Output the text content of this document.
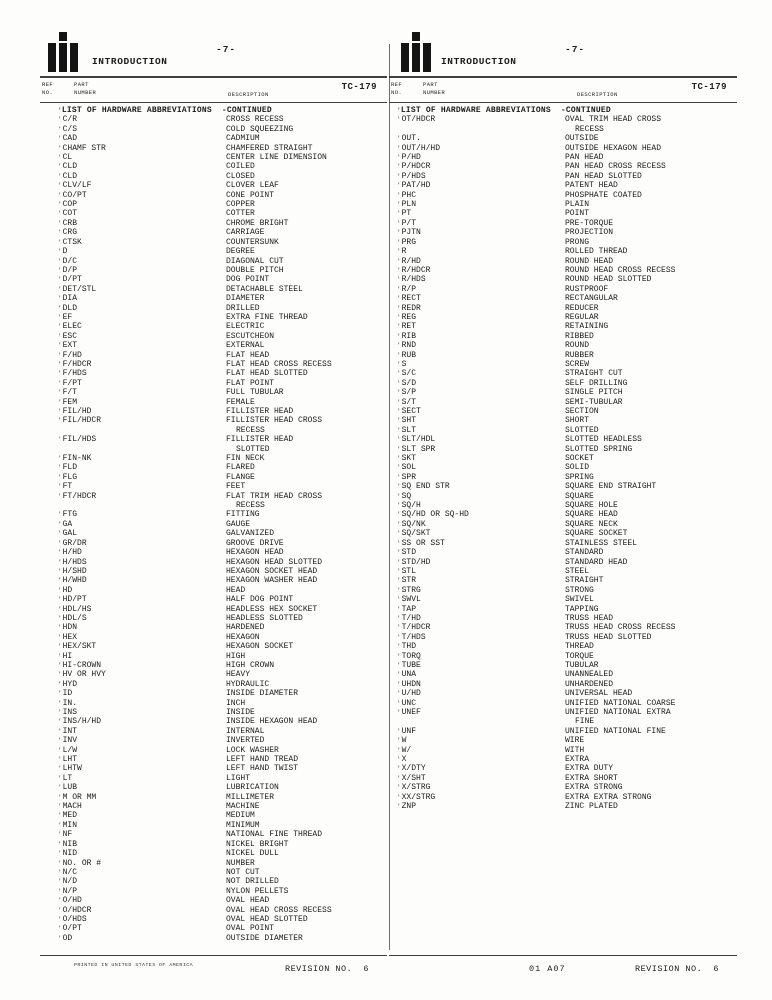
INTRODUCTION
-7-
REF
NO.
PART
NUMBER	DESCRIPTION
TC-179
' LIST OF HARDWARE ABBREVIATIONS  -CONTINUED
' C/R	CROSS RECESS
' C/S	COLD SQUEEZING
' CAD	CADMIUM
' CHAMF STR	CHAMFERED STRAIGHT
' CL	CENTER LINE DIMENSION
' CLD	COILED
' CLD	CLOSED
' CLV/LF	CLOVER LEAF
' CO/PT	CONE POINT
' COP	COPPER
' COT	COTTER
' CRB	CHROME BRIGHT
' CRG	CARRIAGE
' CTSK	COUNTERSUNK
' D	DEGREE
' D/C	DIAGONAL CUT
' D/P	DOUBLE PITCH
' D/PT	DOG POINT
' DET/STL	DETACHABLE STEEL
' DIA	DIAMETER
' DLD	DRILLED
' EF	EXTRA FINE THREAD
' ELEC	ELECTRIC
' ESC	ESCUTCHEON
' EXT	EXTERNAL
' F/HD	FLAT HEAD
' F/HDCR	FLAT HEAD CROSS RECESS
' F/HDS	FLAT HEAD SLOTTED
' F/PT	FLAT POINT
' F/T	FULL TUBULAR
' FEM	FEMALE
' FIL/HD	FILLISTER HEAD
' FIL/HDCR	FILLISTER HEAD CROSS
RECESS
' FIL/HDS	FILLISTER HEAD
SLOTTED
' FIN-NK	FIN NECK
' FLD	FLARED
' FLG	FLANGE
' FT	FEET
' FT/HDCR	FLAT TRIM HEAD CROSS
RECESS
' FTG	FITTING
' GA	GAUGE
' GAL	GALVANIZED
' GR/DR	GROOVE DRIVE
' H/HD	HEXAGON HEAD
' H/HDS	HEXAGON HEAD SLOTTED
' H/SHD	HEXAGON SOCKET HEAD
' H/WHD	HEXAGON WASHER HEAD
' HD	HEAD
' HD/PT	HALF DOG POINT
' HDL/HS	HEADLESS HEX SOCKET
' HDL/S	HEADLESS SLOTTED
' HDN	HARDENED
' HEX	HEXAGON
' HEX/SKT	HEXAGON SOCKET
' HI	HIGH
' HI-CROWN	HIGH CROWN
' HV OR HVY	HEAVY
' HYD	HYDRAULIC
' ID	INSIDE DIAMETER
' IN.	INCH
' INS	INSIDE
' INS/H/HD	INSIDE HEXAGON HEAD
' INT	INTERNAL
' INV	INVERTED
' L/W	LOCK WASHER
' LHT	LEFT HAND TREAD
' LHTW	LEFT HAND TWIST
' LT	LIGHT
' LUB	LUBRICATION
' M OR MM	MILLIMETER
' MACH	MACHINE
' MED	MEDIUM
' MIN	MINIMUM
' NF	NATIONAL FINE THREAD
' NIB	NICKEL BRIGHT
' NID	NICKEL DULL
' NO. OR #	NUMBER
' N/C	NOT CUT
' N/D	NOT DRILLED
' N/P	NYLON PELLETS
' O/HD	OVAL HEAD
' O/HDCR	OVAL HEAD CROSS RECESS
' O/HDS	OVAL HEAD SLOTTED
' O/PT	OVAL POINT
' OD	OUTSIDE DIAMETER
PRINTED IN UNITED STATES OF AMERICA	REVISION NO.  6
INTRODUCTION
-7-
REF
NO.
PART
NUMBER	DESCRIPTION
TC-179
' LIST OF HARDWARE ABBREVIATIONS  -CONTINUED
' OT/HDCR	OVAL TRIM HEAD CROSS
RECESS
' OUT.	OUTSIDE
' OUT/H/HD	OUTSIDE HEXAGON HEAD
' P/HD	PAN HEAD
' P/HDCR	PAN HEAD CROSS RECESS
' P/HDS	PAN HEAD SLOTTED
' PAT/HD	PATENT HEAD
' PHC	PHOSPHATE COATED
' PLN	PLAIN
' PT	POINT
' P/T	PRE-TORQUE
' PJTN	PROJECTION
' PRG	PRONG
' R	ROLLED THREAD
' R/HD	ROUND HEAD
' R/HDCR	ROUND HEAD CROSS RECESS
' R/HDS	ROUND HEAD SLOTTED
' R/P	RUSTPROOF
' RECT	RECTANGULAR
' REDR	REDUCER
' REG	REGULAR
' RET	RETAINING
' RIB	RIBBED
' RND	ROUND
' RUB	RUBBER
' S	SCREW
' S/C	STRAIGHT CUT
' S/D	SELF DRILLING
' S/P	SINGLE PITCH
' S/T	SEMI-TUBULAR
' SECT	SECTION
' SHT	SHORT
' SLT	SLOTTED
' SLT/HDL	SLOTTED HEADLESS
' SLT SPR	SLOTTED SPRING
' SKT	SOCKET
' SOL	SOLID
' SPR	SPRING
' SQ END STR	SQUARE END STRAIGHT
' SQ	SQUARE
' SQ/H	SQUARE HOLE
' SQ/HD OR SQ-HD	SQUARE HEAD
' SQ/NK	SQUARE NECK
' SQ/SKT	SQUARE SOCKET
' SS OR SST	STAINLESS STEEL
' STD	STANDARD
' STD/HD	STANDARD HEAD
' STL	STEEL
' STR	STRAIGHT
' STRG	STRONG
' SWVL	SWIVEL
' TAP	TAPPING
' T/HD	TRUSS HEAD
' T/HDCR	TRUSS HEAD CROSS RECESS
' T/HDS	TRUSS HEAD SLOTTED
' THD	THREAD
' TORQ	TORQUE
' TUBE	TUBULAR
' UNA	UNANNEALED
' UHDN	UNHARDENED
' U/HD	UNIVERSAL HEAD
' UNC	UNIFIED NATIONAL COARSE
' UNEF	UNIFIED NATIONAL EXTRA
FINE
' UNF	UNIFIED NATIONAL FINE
' W	WIRE
' W/	WITH
' X	EXTRA
' X/DTY	EXTRA DUTY
' X/SHT	EXTRA SHORT
' X/STRG	EXTRA STRONG
' XX/STRG	EXTRA EXTRA STRONG
' ZNP	ZINC PLATED
01 A07	REVISION NO.  6
